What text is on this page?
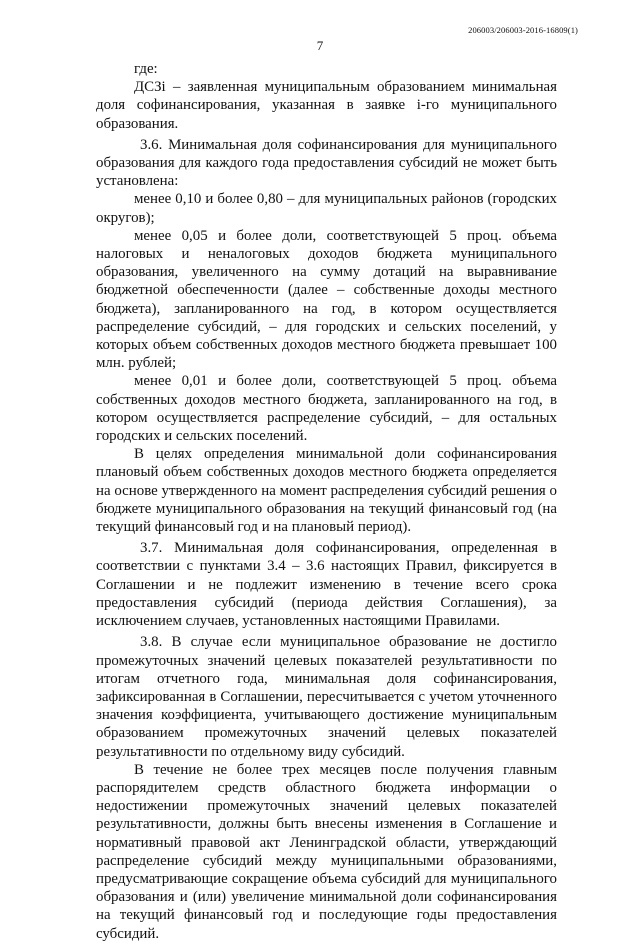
206003/206003-2016-16809(1)
7

где:

ДСЗi – заявленная муниципальным образованием минимальная доля софинансирования, указанная в заявке i-го муниципального образования.

3.6. Минимальная доля софинансирования для муниципального образования для каждого года предоставления субсидий не может быть установлена:

менее 0,10 и более 0,80 – для муниципальных районов (городских округов);

менее 0,05 и более доли, соответствующей 5 проц. объема налоговых и неналоговых доходов бюджета муниципального образования, увеличенного на сумму дотаций на выравнивание бюджетной обеспеченности (далее – собственные доходы местного бюджета), запланированного на год, в котором осуществляется распределение субсидий, – для городских и сельских поселений, у которых объем собственных доходов местного бюджета превышает 100 млн. рублей;

менее 0,01 и более доли, соответствующей 5 проц. объема собственных доходов местного бюджета, запланированного на год, в котором осуществляется распределение субсидий, – для остальных городских и сельских поселений.

В целях определения минимальной доли софинансирования плановый объем собственных доходов местного бюджета определяется на основе утвержденного на момент распределения субсидий решения о бюджете муниципального образования на текущий финансовый год (на текущий финансовый год и на плановый период).

3.7. Минимальная доля софинансирования, определенная в соответствии с пунктами 3.4 – 3.6 настоящих Правил, фиксируется в Соглашении и не подлежит изменению в течение всего срока предоставления субсидий (периода действия Соглашения), за исключением случаев, установленных настоящими Правилами.

3.8. В случае если муниципальное образование не достигло промежуточных значений целевых показателей результативности по итогам отчетного года, минимальная доля софинансирования, зафиксированная в Соглашении, пересчитывается с учетом уточненного значения коэффициента, учитывающего достижение муниципальным образованием промежуточных значений целевых показателей результативности по отдельному виду субсидий.

В течение не более трех месяцев после получения главным распорядителем средств областного бюджета информации о недостижении промежуточных значений целевых показателей результативности, должны быть внесены изменения в Соглашение и нормативный правовой акт Ленинградской области, утверждающий распределение субсидий между муниципальными образованиями, предусматривающие сокращение объема субсидий для муниципального образования и (или) увеличение минимальной доли софинансирования на текущий финансовый год и последующие годы предоставления субсидий.
